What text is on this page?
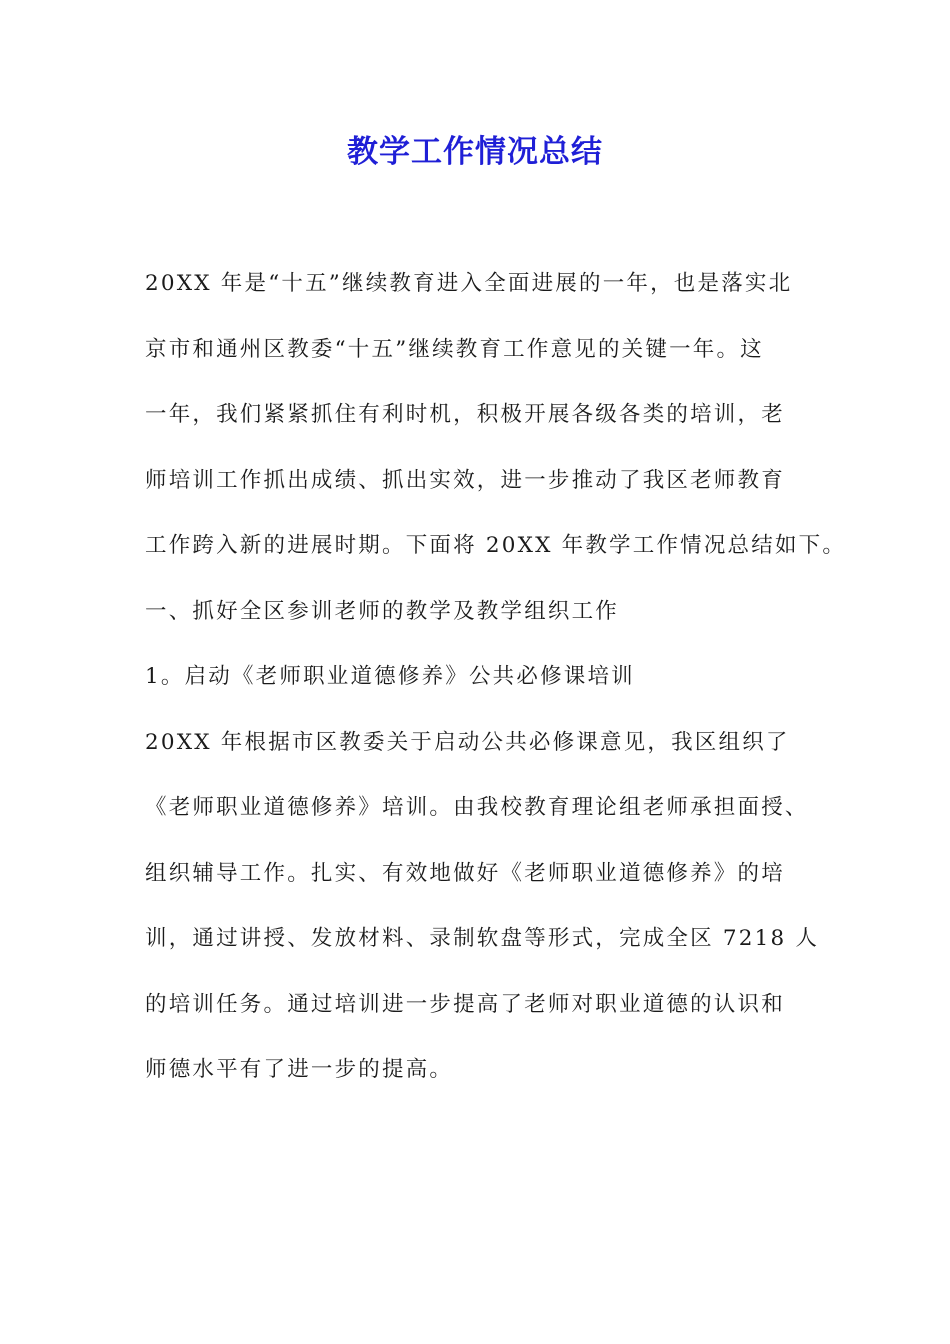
教学工作情况总结
20XX 年是“十五”继续教育进入全面进展的一年，也是落实北
京市和通州区教委“十五”继续教育工作意见的关键一年。这
一年，我们紧紧抓住有利时机，积极开展各级各类的培训，老
师培训工作抓出成绩、抓出实效，进一步推动了我区老师教育
工作跨入新的进展时期。下面将 20XX 年教学工作情况总结如下。
一、抓好全区参训老师的教学及教学组织工作
1。启动《老师职业道德修养》公共必修课培训
20XX 年根据市区教委关于启动公共必修课意见，我区组织了
《老师职业道德修养》培训。由我校教育理论组老师承担面授、
组织辅导工作。扎实、有效地做好《老师职业道德修养》的培
训，通过讲授、发放材料、录制软盘等形式，完成全区 7218 人
的培训任务。通过培训进一步提高了老师对职业道德的认识和
师德水平有了进一步的提高。
